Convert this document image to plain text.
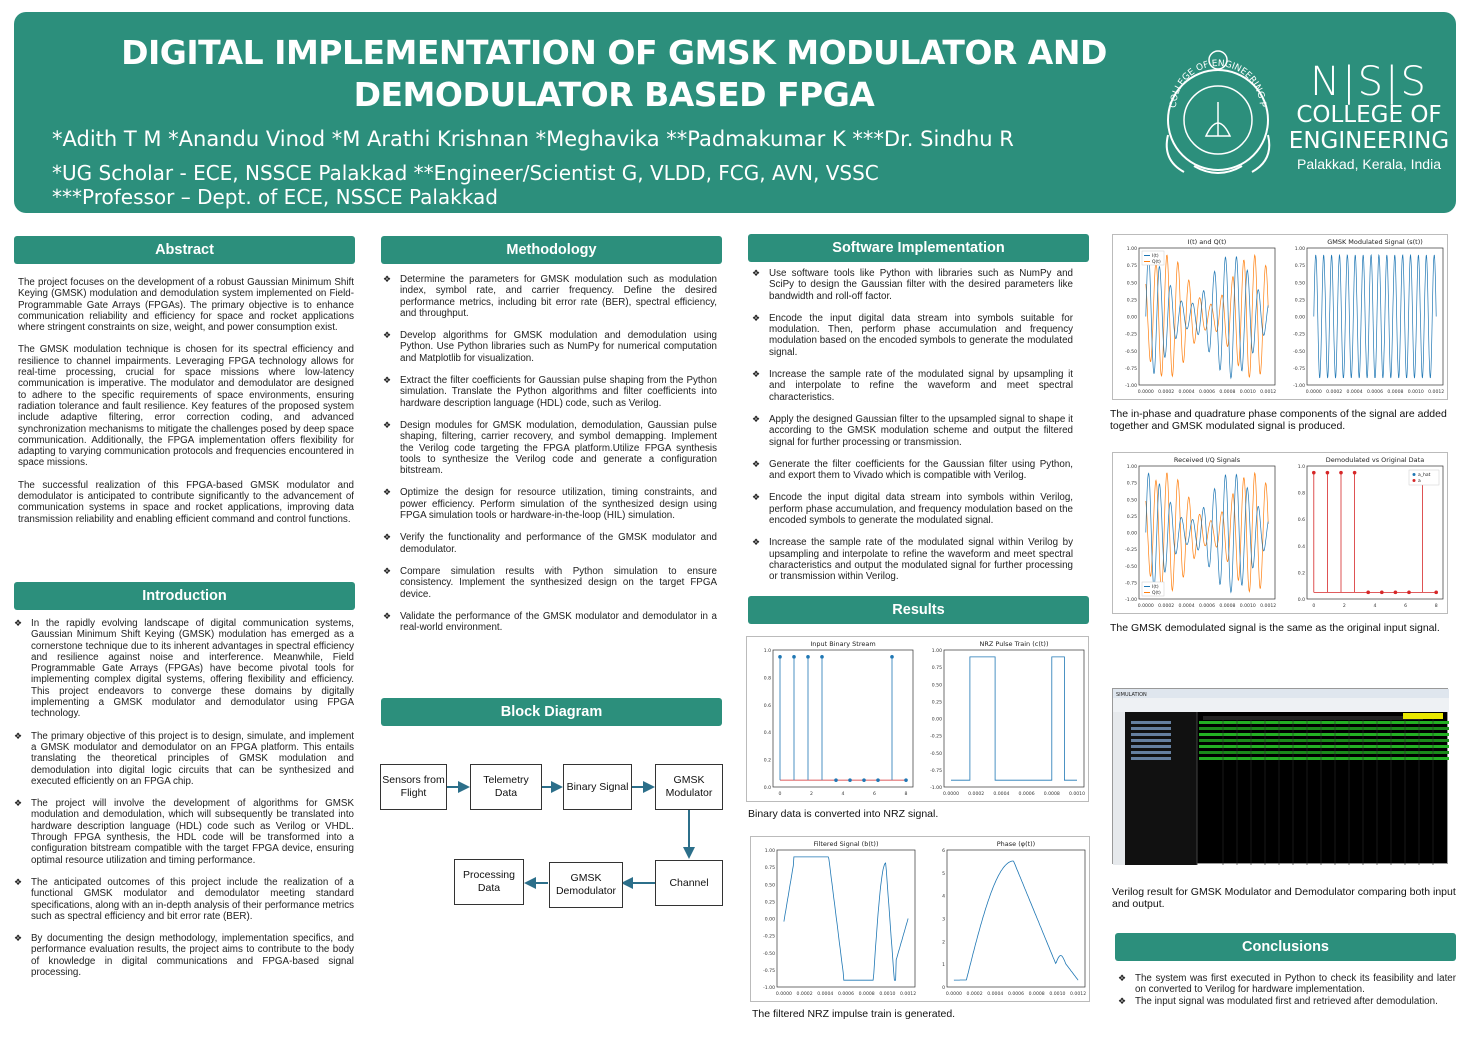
DIGITAL IMPLEMENTATION OF GMSK MODULATOR AND
DEMODULATOR BASED FPGA
*Adith T M *Anandu Vinod *M Arathi Krishnan *Meghavika **Padmakumar K ***Dr. Sindhu R
*UG Scholar - ECE, NSSCE Palakkad **Engineer/Scientist G, VLDD, FCG, AVN, VSSC
***Professor – Dept. of ECE, NSSCE Palakkad
COLLEGE OF ENGINEERING P	N|S|S
COLLEGE OF
ENGINEERING
Palakkad, Kerala, India
Abstract

The project focuses on the development of a robust Gaussian Minimum Shift Keying (GMSK) modulation and demodulation system implemented on Field-Programmable Gate Arrays (FPGAs). The primary objective is to enhance communication reliability and efficiency for space and rocket applications where stringent constraints on size, weight, and power consumption exist.

The GMSK modulation technique is chosen for its spectral efficiency and resilience to channel impairments. Leveraging FPGA technology allows for real-time processing, crucial for space missions where low-latency communication is imperative. The modulator and demodulator are designed to adhere to the specific requirements of space environments, ensuring radiation tolerance and fault resilience. Key features of the proposed system include adaptive filtering, error correction coding, and advanced synchronization mechanisms to mitigate the challenges posed by deep space communication. Additionally, the FPGA implementation offers flexibility for adapting to varying communication protocols and frequencies encountered in space missions.

The successful realization of this FPGA-based GMSK modulator and demodulator is anticipated to contribute significantly to the advancement of communication systems in space and rocket applications, improving data transmission reliability and enabling efficient command and control functions.

Introduction
❖ In the rapidly evolving landscape of digital communication systems, Gaussian Minimum Shift Keying (GMSK) modulation has emerged as a cornerstone technique due to its inherent advantages in spectral efficiency and resilience against noise and interference. Meanwhile, Field Programmable Gate Arrays (FPGAs) have become pivotal tools for implementing complex digital systems, offering flexibility and efficiency. This project endeavors to converge these domains by digitally implementing a GMSK modulator and demodulator using FPGA technology.
❖ The primary objective of this project is to design, simulate, and implement a GMSK modulator and demodulator on an FPGA platform. This entails translating the theoretical principles of GMSK modulation and demodulation into digital logic circuits that can be synthesized and executed efficiently on an FPGA chip.
❖ The project will involve the development of algorithms for GMSK modulation and demodulation, which will subsequently be translated into hardware description language (HDL) code such as Verilog or VHDL. Through FPGA synthesis, the HDL code will be transformed into a configuration bitstream compatible with the target FPGA device, ensuring optimal resource utilization and timing performance.
❖ The anticipated outcomes of this project include the realization of a functional GMSK modulator and demodulator meeting standard specifications, along with an in-depth analysis of their performance metrics such as spectral efficiency and bit error rate (BER).
❖ By documenting the design methodology, implementation specifics, and performance evaluation results, the project aims to contribute to the body of knowledge in digital communications and FPGA-based signal processing.
Methodology
❖ Determine the parameters for GMSK modulation such as modulation index, symbol rate, and carrier frequency. Define the desired performance metrics, including bit error rate (BER), spectral efficiency, and throughput.
❖ Develop algorithms for GMSK modulation and demodulation using Python. Use Python libraries such as NumPy for numerical computation and Matplotlib for visualization.
❖ Extract the filter coefficients for Gaussian pulse shaping from the Python simulation. Translate the Python algorithms and filter coefficients into hardware description language (HDL) code, such as Verilog.
❖ Design modules for GMSK modulation, demodulation, Gaussian pulse shaping, filtering, carrier recovery, and symbol demapping. Implement the Verilog code targeting the FPGA platform.Utilize FPGA synthesis tools to synthesize the Verilog code and generate a configuration bitstream.
❖ Optimize the design for resource utilization, timing constraints, and power efficiency. Perform simulation of the synthesized design using FPGA simulation tools or hardware-in-the-loop (HIL) simulation.
❖ Verify the functionality and performance of the GMSK modulator and demodulator.
❖ Compare simulation results with Python simulation to ensure consistency. Implement the synthesized design on the target FPGA device.
❖ Validate the performance of the GMSK modulator and demodulator in a real-world environment.
Block Diagram
Sensors from Flight
Telemetry Data
Binary Signal
GMSK Modulator
Channel
GMSK Demodulator
Processing Data
Software Implementation
❖ Use software tools like Python with libraries such as NumPy and SciPy to design the Gaussian filter with the desired parameters like bandwidth and roll-off factor.
❖ Encode the input digital data stream into symbols suitable for modulation. Then, perform phase accumulation and frequency modulation based on the encoded symbols to generate the modulated signal.
❖ Increase the sample rate of the modulated signal by upsampling it and interpolate to refine the waveform and meet spectral characteristics.
❖ Apply the designed Gaussian filter to the upsampled signal to shape it according to the GMSK modulation scheme and output the filtered signal for further processing or transmission.
❖ Generate the filter coefficients for the Gaussian filter using Python, and export them to Vivado which is compatible with Verilog.
❖ Encode the input digital data stream into symbols within Verilog, perform phase accumulation, and frequency modulation based on the encoded symbols to generate the modulated signal.
❖ Increase the sample rate of the modulated signal within Verilog by upsampling and interpolate to refine the waveform and meet spectral characteristics and output the modulated signal for further processing or transmission within Verilog.
Results
Input Binary Stream
1.0
0.8
0.6
0.4
0.2
0.0
0	2	4	6	8
NRZ Pulse Train (c(t))
1.00
0.75
0.50
0.25
0.00
-0.25
-0.50
-0.75
-1.00
0.0000 0.0002 0.0004 0.0006 0.0008 0.0010
Binary data is converted into NRZ signal.
Filtered Signal (b(t))
1.00
0.75
0.50
0.25
0.00
-0.25
-0.50
-0.75
-1.00
0.0000 0.0002 0.0004 0.0006 0.0008 0.0010 0.0012
Phase (φ(t))
6
5
4
3
2
1
0
0.0000 0.0002 0.0004 0.0006 0.0008 0.0010 0.0012
The filtered NRZ impulse train is generated.
I(t) and Q(t)
1.00
0.75
0.50
0.25
0.00
-0.25
-0.50
-0.75
-1.00
0.0000 0.0002 0.0004 0.0006 0.0008 0.0010 0.0012
I(t)
Q(t)
GMSK Modulated Signal (s(t))
1.00
0.75
0.50
0.25
0.00
-0.25
-0.50
-0.75
-1.00
0.0000 0.0002 0.0004 0.0006 0.0008 0.0010 0.0012
The in-phase and quadrature phase components of the signal are added together and GMSK modulated signal is produced.
Received I/Q Signals
1.00
0.75
0.50
0.25
0.00
-0.25
-0.50
-0.75
-1.00
0.0000 0.0002 0.0004 0.0006 0.0008 0.0010 0.0012
I(t)
Q(t)
Demodulated vs Original Data
1.0
0.8
0.6
0.4
0.2
0.0
0	2	4	6	8
a_hat
a
The GMSK demodulated signal is the same as the original input signal.
SIMULATION
Verilog result for GMSK Modulator and Demodulator comparing both input and output.
Conclusions
❖ The system was first executed in Python to check its feasibility and later on converted to Verilog for hardware implementation.
❖ The input signal was modulated first and retrieved after demodulation.
